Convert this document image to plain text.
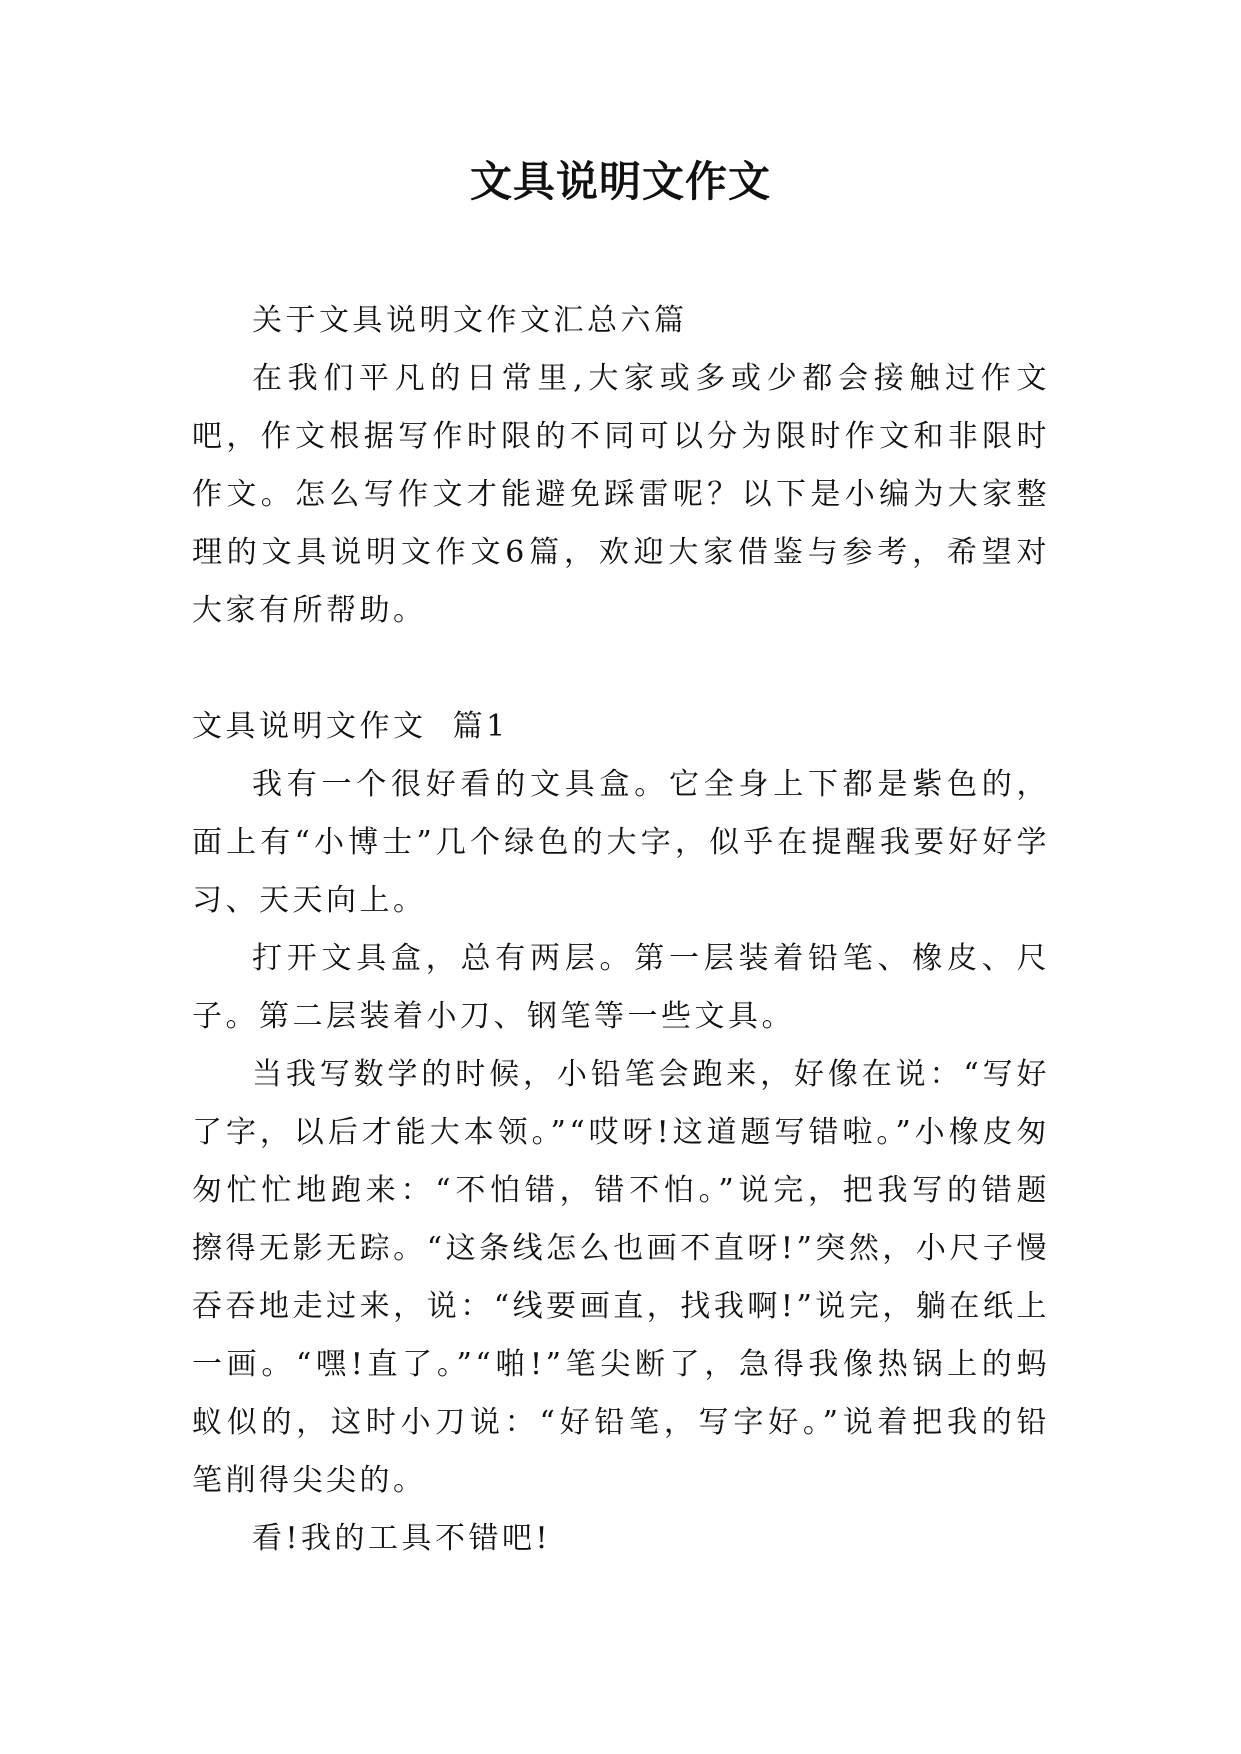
文具说明文作文

关于文具说明文作文汇总六篇

在我们平凡的日常里,大家或多或少都会接触过作文吧，作文根据写作时限的不同可以分为限时作文和非限时作文。怎么写作文才能避免踩雷呢？以下是小编为大家整理的文具说明文作文6篇，欢迎大家借鉴与参考，希望对大家有所帮助。

文具说明文作文  篇1

我有一个很好看的文具盒。它全身上下都是紫色的，面上有“小博士”几个绿色的大字，似乎在提醒我要好好学习、天天向上。

打开文具盒，总有两层。第一层装着铅笔、橡皮、尺子。第二层装着小刀、钢笔等一些文具。

当我写数学的时候，小铅笔会跑来，好像在说：“写好了字，以后才能大本领。”“哎呀!这道题写错啦。”小橡皮匆匆忙忙地跑来：“不怕错，错不怕。”说完，把我写的错题擦得无影无踪。“这条线怎么也画不直呀!”突然，小尺子慢吞吞地走过来，说：“线要画直，找我啊!”说完，躺在纸上一画。“嘿!直了。”“啪!”笔尖断了，急得我像热锅上的蚂蚁似的，这时小刀说：“好铅笔，写字好。”说着把我的铅笔削得尖尖的。

看!我的工具不错吧!
